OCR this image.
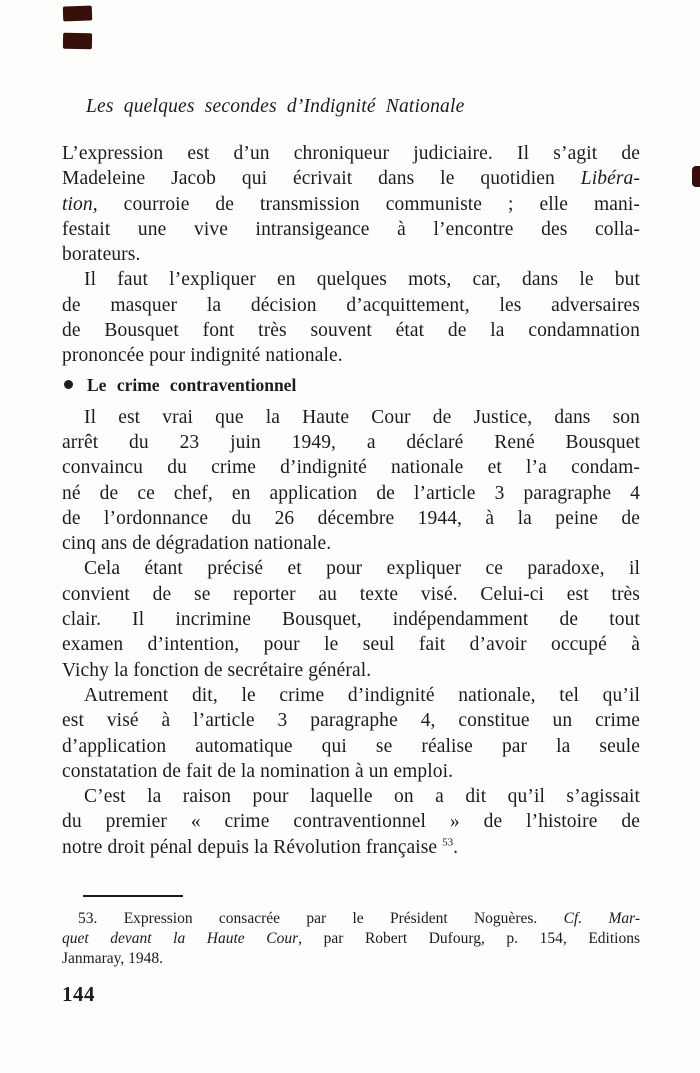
Les quelques secondes d’Indignité Nationale
L’expression est d’un chroniqueur judiciaire. Il s’agit de
Madeleine Jacob qui écrivait dans le quotidien Libéra-
tion, courroie de transmission communiste ; elle mani-
festait une vive intransigeance à l’encontre des colla-
borateurs.
Il faut l’expliquer en quelques mots, car, dans le but
de masquer la décision d’acquittement, les adversaires
de Bousquet font très souvent état de la condamnation
prononcée pour indignité nationale.
Le crime contraventionnel
Il est vrai que la Haute Cour de Justice, dans son
arrêt du 23 juin 1949, a déclaré René Bousquet
convaincu du crime d’indignité nationale et l’a condam-
né de ce chef, en application de l’article 3 paragraphe 4
de l’ordonnance du 26 décembre 1944, à la peine de
cinq ans de dégradation nationale.
Cela étant précisé et pour expliquer ce paradoxe, il
convient de se reporter au texte visé. Celui-ci est très
clair. Il incrimine Bousquet, indépendamment de tout
examen d’intention, pour le seul fait d’avoir occupé à
Vichy la fonction de secrétaire général.
Autrement dit, le crime d’indignité nationale, tel qu’il
est visé à l’article 3 paragraphe 4, constitue un crime
d’application automatique qui se réalise par la seule
constatation de fait de la nomination à un emploi.
C’est la raison pour laquelle on a dit qu’il s’agissait
du premier « crime contraventionnel » de l’histoire de
notre droit pénal depuis la Révolution française $^{53}$.
53. Expression consacrée par le Président Noguères. Cf. Mar-
quet devant la Haute Cour, par Robert Dufourg, p. 154, Editions
Janmaray, 1948.
144
